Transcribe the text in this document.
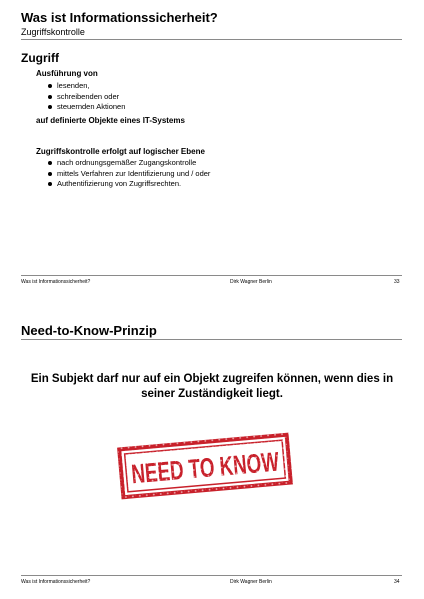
Was ist Informationssicherheit?
Zugriffskontrolle
Zugriff
Ausführung von
lesenden,
schreibenden oder
steuernden Aktionen
auf definierte Objekte eines IT-Systems
Zugriffskontrolle erfolgt auf logischer Ebene
nach ordnungsgemäßer Zugangskontrolle
mittels Verfahren zur Identifizierung und / oder
Authentifizierung von Zugriffsrechten.
Was ist Informationssicherheit?	Dirk Wagner Berlin	33
Need-to-Know-Prinzip
Ein Subjekt darf nur auf ein Objekt zugreifen können, wenn dies in
seiner Zuständigkeit liegt.
Was ist Informationssicherheit?	Dirk Wagner Berlin	34
